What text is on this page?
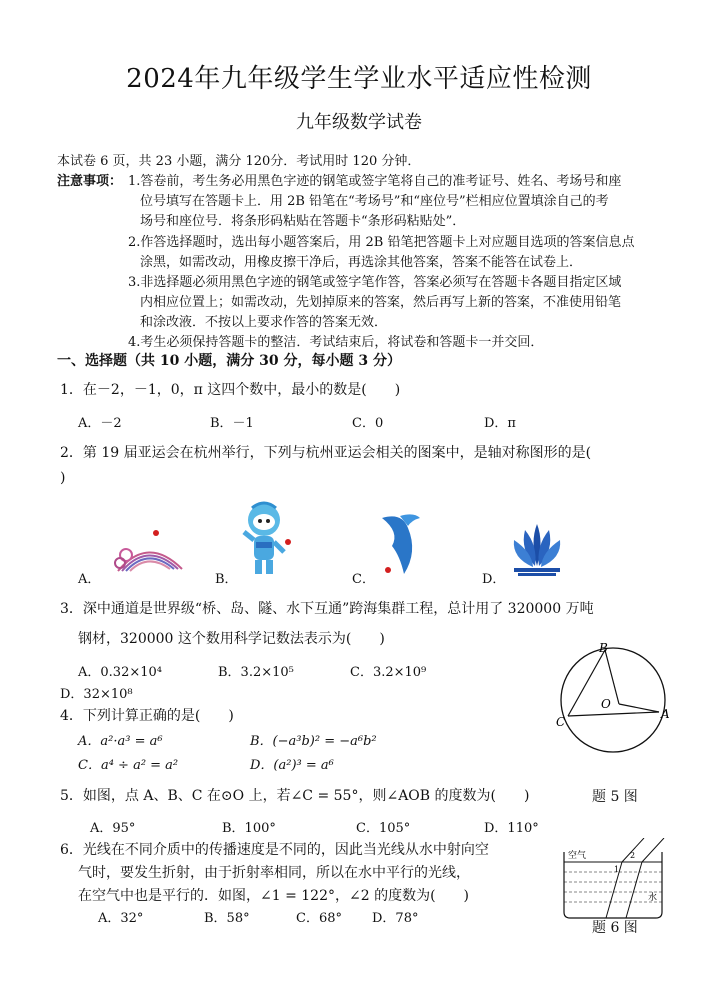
2024年九年级学生学业水平适应性检测
九年级数学试卷
本试卷 6 页，共 23 小题，满分 120分．考试用时 120 分钟．
注意事项： 1.答卷前，考生务必用黑色字迹的钢笔或签字笔将自己的准考证号、姓名、考场号和座
位号填写在答题卡上．用 2B 铅笔在“考场号”和“座位号”栏相应位置填涂自己的考
场号和座位号．将条形码粘贴在答题卡“条形码粘贴处”．
2.作答选择题时，选出每小题答案后，用 2B 铅笔把答题卡上对应题目选项的答案信息点
涂黑，如需改动，用橡皮擦干净后，再选涂其他答案，答案不能答在试卷上．
3.非选择题必须用黑色字迹的钢笔或签字笔作答，答案必须写在答题卡各题目指定区域
内相应位置上；如需改动，先划掉原来的答案，然后再写上新的答案，不准使用铅笔
和涂改液．不按以上要求作答的答案无效．
4.考生必须保持答题卡的整洁．考试结束后，将试卷和答题卡一并交回．
一、选择题（共 10 小题，满分 30 分，每小题 3 分）
1．在－2，－1，0，π 这四个数中，最小的数是(　　)
A．－2	B．－1	C．0	D．π
2．第 19 届亚运会在杭州举行，下列与杭州亚运会相关的图案中，是轴对称图形的是(
)
A．	B．	C．	D．
3．深中通道是世界级“桥、岛、隧、水下互通”跨海集群工程，总计用了 320000 万吨
钢材，320000 这个数用科学记数法表示为(　　)
A．0.32×10⁴	B．3.2×10⁵	C．3.2×10⁹
D．32×10⁸
4．下列计算正确的是(　　)
A．a²·a³ = a⁶	B．(−a³b)² = −a⁶b²
C．a⁴ ÷ a² = a²	D．(a²)³ = a⁶
B
C
A
O
5．如图，点 A、B、C 在⊙O 上，若∠C = 55°，则∠AOB 的度数为(　　)	题 5 图
A．95°	B．100°	C．105°	D．110°
6．光线在不同介质中的传播速度是不同的，因此当光线从水中射向空
气时，要发生折射，由于折射率相同，所以在水中平行的光线，
在空气中也是平行的．如图，∠1 = 122°，∠2 的度数为(　　)
A．32°	B．58°	C．68° D．78°
空气
水
1
2
题 6 图
